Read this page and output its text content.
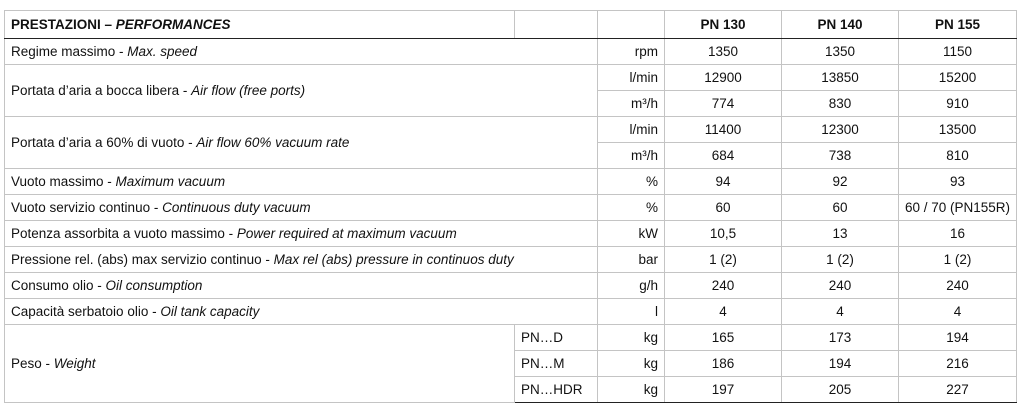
PRESTAZIONI – PERFORMANCES			PN 130	PN 140	PN 155
Regime massimo - Max. speed		rpm	1350	1350	1150
Portata d’aria a bocca libera - Air flow (free ports)		l/min	12900	13850	15200
		m³/h	774	830	910
Portata d’aria a 60% di vuoto - Air flow 60% vacuum rate		l/min	11400	12300	13500
		m³/h	684	738	810
Vuoto massimo - Maximum vacuum		%	94	92	93
Vuoto servizio continuo - Continuous duty vacuum		%	60	60	60 / 70 (PN155R)
Potenza assorbita a vuoto massimo - Power required at maximum vacuum		kW	10,5	13	16
Pressione rel. (abs) max servizio continuo - Max rel (abs) pressure in continuos duty		bar	1 (2)	1 (2)	1 (2)
Consumo olio - Oil consumption		g/h	240	240	240
Capacità serbatoio olio - Oil tank capacity		l	4	4	4
Peso - Weight	PN…D	kg	165	173	194
	PN…M	kg	186	194	216
	PN…HDR	kg	197	205	227
